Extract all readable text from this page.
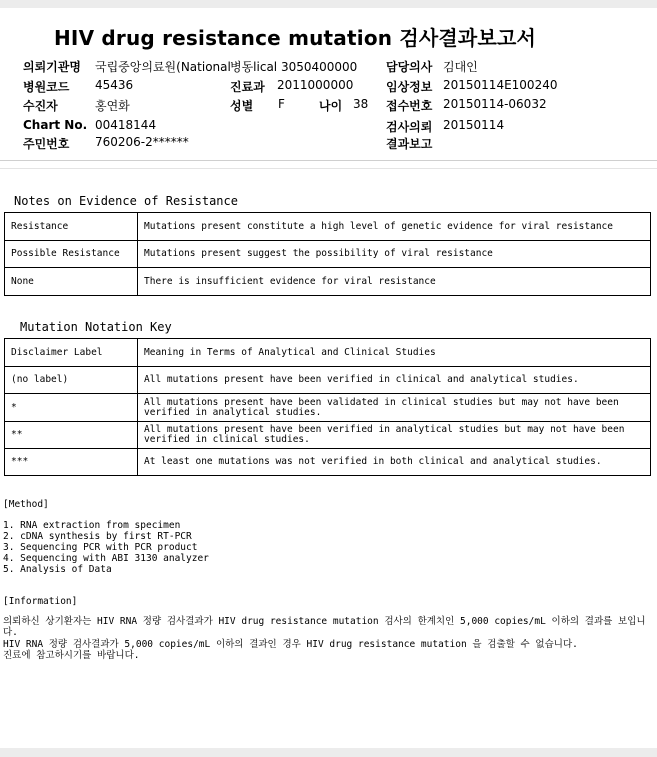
HIV drug resistance mutation 검사결과보고서
의뢰기관명 국립중앙의료원(National 병동lical 3050400000 담당의사 김대인
병원코드 45436	진료과 2011000000	임상정보 20150114E100240
수진자	홍연화	성별 F	나이 38 접수번호 20150114-06032
Chart No. 00418144	검사의뢰 20150114
주민번호 760206-2******	결과보고
Notes on Evidence of Resistance
Resistance	Mutations present constitute a high level of genetic evidence for viral resistance
Possible Resistance	Mutations present suggest the possibility of viral resistance
None	There is insufficient evidence for viral resistance
Mutation Notation Key
Disclaimer Label	Meaning in Terms of Analytical and Clinical Studies
(no label)	All mutations present have been verified in clinical and analytical studies.
*	All mutations present have been validated in clinical studies but may not have been verified in analytical studies.
**	All mutations present have been verified in analytical studies but may not have been verified in clinical studies.
***	At least one mutations was not verified in both clinical and analytical studies.
[Method]
1. RNA extraction from specimen
2. cDNA synthesis by first RT-PCR
3. Sequencing PCR with PCR product
4. Sequencing with ABI 3130 analyzer
5. Analysis of Data
[Information]
의뢰하신 상기환자는 HIV RNA 정량 검사결과가 HIV drug resistance mutation 검사의 한계치인 5,000 copies/mL 이하의 결과를 보입니다.
HIV RNA 정량 검사결과가 5,000 copies/mL 이하의 결과인 경우 HIV drug resistance mutation 을 검출할 수 없습니다.
진료에 참고하시기를 바랍니다.
